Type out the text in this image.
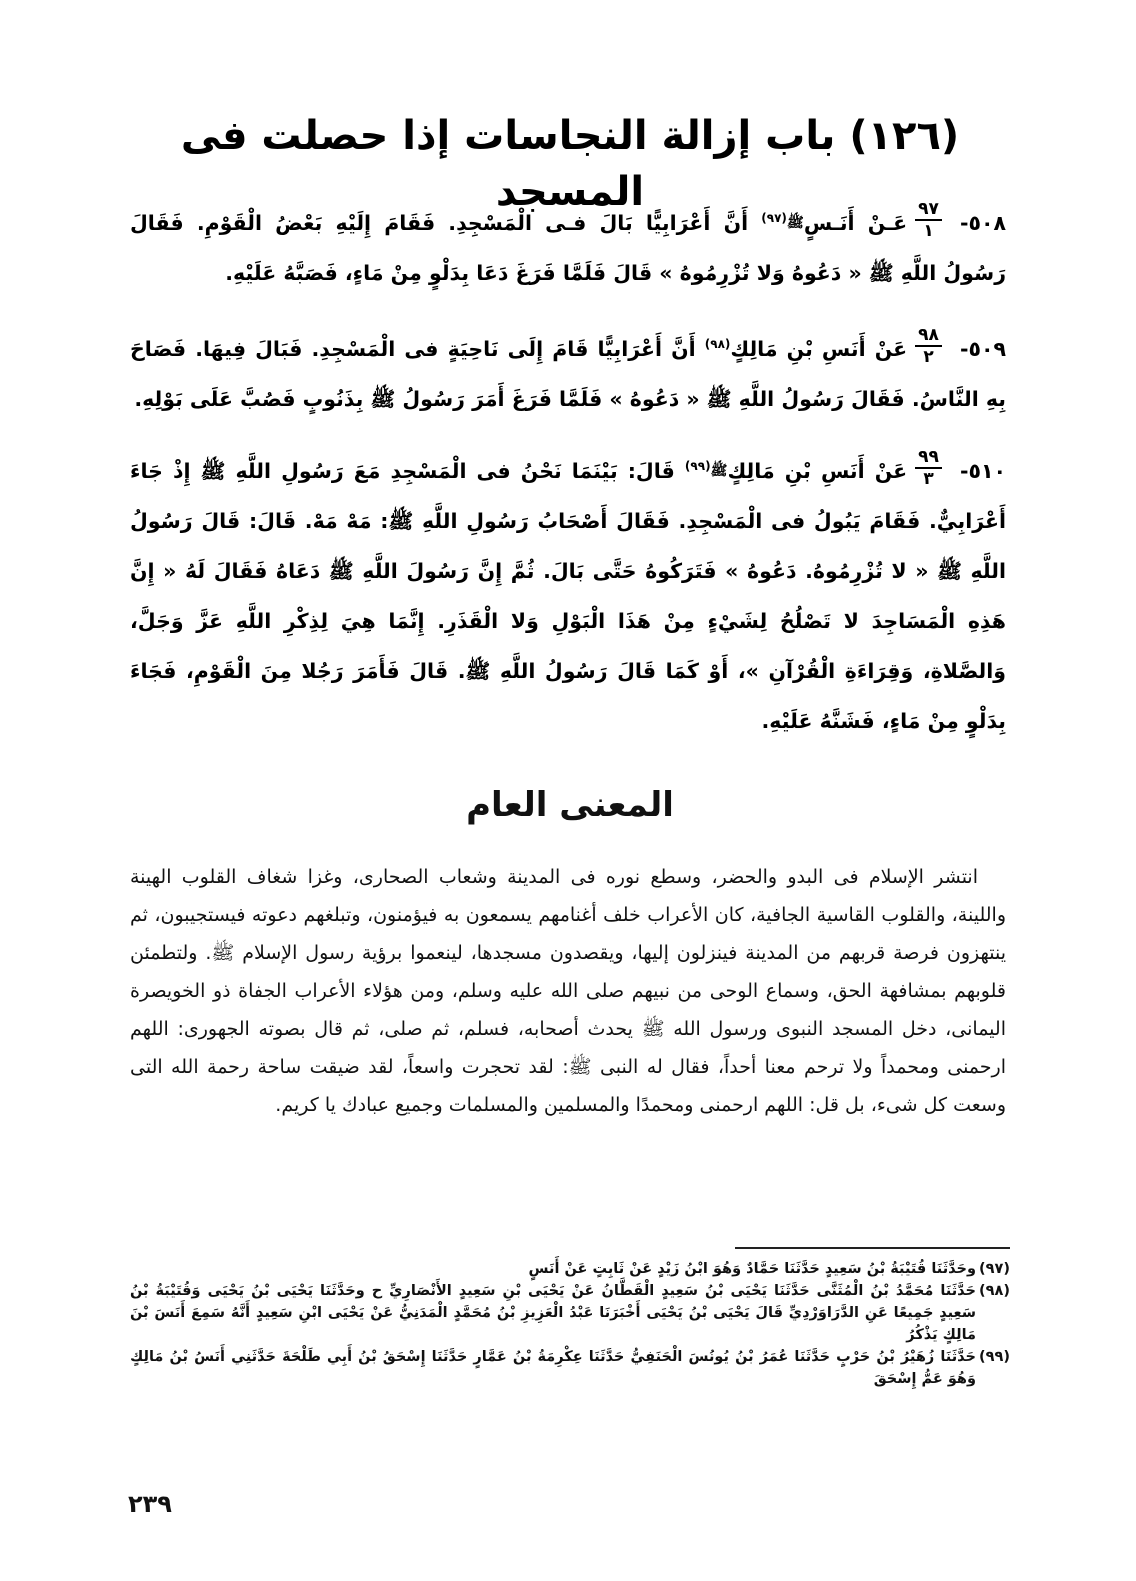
(١٢٦) باب إزالة النجاسات إذا حصلت فى المسجد
٥٠٨-
$\frac{٩٧}{١}$
عَـنْ أَنَـسٍ$^{ﷺ(٩٧)}$ أَنَّ أَعْرَابِيًّا بَالَ فـى الْمَسْجِدِ. فَقَامَ إِلَيْهِ بَعْضُ الْقَوْمِ. فَقَالَ رَسُولُ اللَّهِ ﷺ « دَعُوهُ وَلا تُزْرِمُوهُ » قَالَ فَلَمَّا فَرَغَ دَعَا بِدَلْوٍ مِنْ مَاءٍ، فَصَبَّهُ عَلَيْهِ.
٥٠٩-
$\frac{٩٨}{٢}$
عَنْ أَنَسِ بْنِ مَالِكٍ$^{(٩٨)}$ أَنَّ أَعْرَابِيًّا قَامَ إِلَى نَاحِيَةٍ فى الْمَسْجِدِ. فَبَالَ فِيهَا. فَصَاحَ بِهِ النَّاسُ. فَقَالَ رَسُولُ اللَّهِ ﷺ « دَعُوهُ » فَلَمَّا فَرَغَ أَمَرَ رَسُولُ ﷺ بِذَنُوبٍ فَصُبَّ عَلَى بَوْلِهِ.
٥١٠-
$\frac{٩٩}{٣}$
عَنْ أَنَسِ بْنِ مَالِكٍ$^{ﷺ(٩٩)}$ قَالَ: بَيْنَمَا نَحْنُ فى الْمَسْجِدِ مَعَ رَسُولِ اللَّهِ ﷺ إِذْ جَاءَ أَعْرَابِيٌّ. فَقَامَ يَبُولُ فى الْمَسْجِدِ. فَقَالَ أَصْحَابُ رَسُولِ اللَّهِ ﷺ: مَهْ مَهْ. قَالَ: قَالَ رَسُولُ اللَّهِ ﷺ « لا تُزْرِمُوهُ. دَعُوهُ » فَتَرَكُوهُ حَتَّى بَالَ. ثُمَّ إِنَّ رَسُولَ اللَّهِ ﷺ دَعَاهُ فَقَالَ لَهُ « إِنَّ هَذِهِ الْمَسَاجِدَ لا تَصْلُحُ لِشَيْءٍ مِنْ هَذَا الْبَوْلِ وَلا الْقَذَرِ. إِنَّمَا هِيَ لِذِكْرِ اللَّهِ عَزَّ وَجَلَّ، وَالصَّلاةِ، وَقِرَاءَةِ الْقُرْآنِ »، أَوْ كَمَا قَالَ رَسُولُ اللَّهِ ﷺ. قَالَ فَأَمَرَ رَجُلا مِنَ الْقَوْمِ، فَجَاءَ بِدَلْوٍ مِنْ مَاءٍ، فَشَنَّهُ عَلَيْهِ.
المعنى العام
انتشر الإسلام فى البدو والحضر، وسطع نوره فى المدينة وشعاب الصحارى، وغزا شغاف القلوب الهينة واللينة، والقلوب القاسية الجافية، كان الأعراب خلف أغنامهم يسمعون به فيؤمنون، وتبلغهم دعوته فيستجيبون، ثم ينتهزون فرصة قربهم من المدينة فينزلون إليها، ويقصدون مسجدها، لينعموا برؤية رسول الإسلام ﷺ. ولتطمئن قلوبهم بمشافهة الحق، وسماع الوحى من نبيهم صلى الله عليه وسلم، ومن هؤلاء الأعراب الجفاة ذو الخويصرة اليمانى، دخل المسجد النبوى ورسول الله ﷺ يحدث أصحابه، فسلم، ثم صلى، ثم قال بصوته الجهورى: اللهم ارحمنى ومحمداً ولا ترحم معنا أحداً، فقال له النبى ﷺ: لقد تحجرت واسعاً، لقد ضيقت ساحة رحمة الله التى وسعت كل شىء، بل قل: اللهم ارحمنى ومحمدًا والمسلمين والمسلمات وجميع عبادك يا كريم.
(٩٧)وحَدَّثَنَا قُتَيْبَةُ بْنُ سَعِيدٍ حَدَّثَنَا حَمَّادٌ وَهُوَ ابْنُ زَيْدٍ عَنْ ثَابِتٍ عَنْ أَنَسٍ
(٩٨)حَدَّثَنَا مُحَمَّدُ بْنُ الْمُثَنَّى حَدَّثَنَا يَحْيَى بْنُ سَعِيدٍ الْقَطَّانُ عَنْ يَحْيَى بْنِ سَعِيدٍ الأَنْصَارِيِّ ح وحَدَّثَنَا يَحْيَى بْنُ يَحْيَى وَقُتَيْبَةُ بْنُ سَعِيدٍ جَمِيعًا عَنِ الدَّرَاوَرْدِيِّ قَالَ يَحْيَى بْنُ يَحْيَى أَخْبَرَنَا عَبْدُ الْعَزِيزِ بْنُ مُحَمَّدٍ الْمَدَنِيُّ عَنْ يَحْيَى ابْنِ سَعِيدٍ أَنَّهُ سَمِعَ أَنَسَ بْنَ مَالِكٍ يَذْكُرُ
(٩٩)حَدَّثَنَا زُهَيْرُ بْنُ حَرْبٍ حَدَّثَنَا عُمَرُ بْنُ يُونُسَ الْحَنَفِيُّ حَدَّثَنَا عِكْرِمَةُ بْنُ عَمَّارٍ حَدَّثَنَا إِسْحَقُ بْنُ أَبِي طَلْحَةَ حَدَّثَنِي أَنَسُ بْنُ مَالِكٍ وَهُوَ عَمُّ إِسْحَقَ
٢٣٩
